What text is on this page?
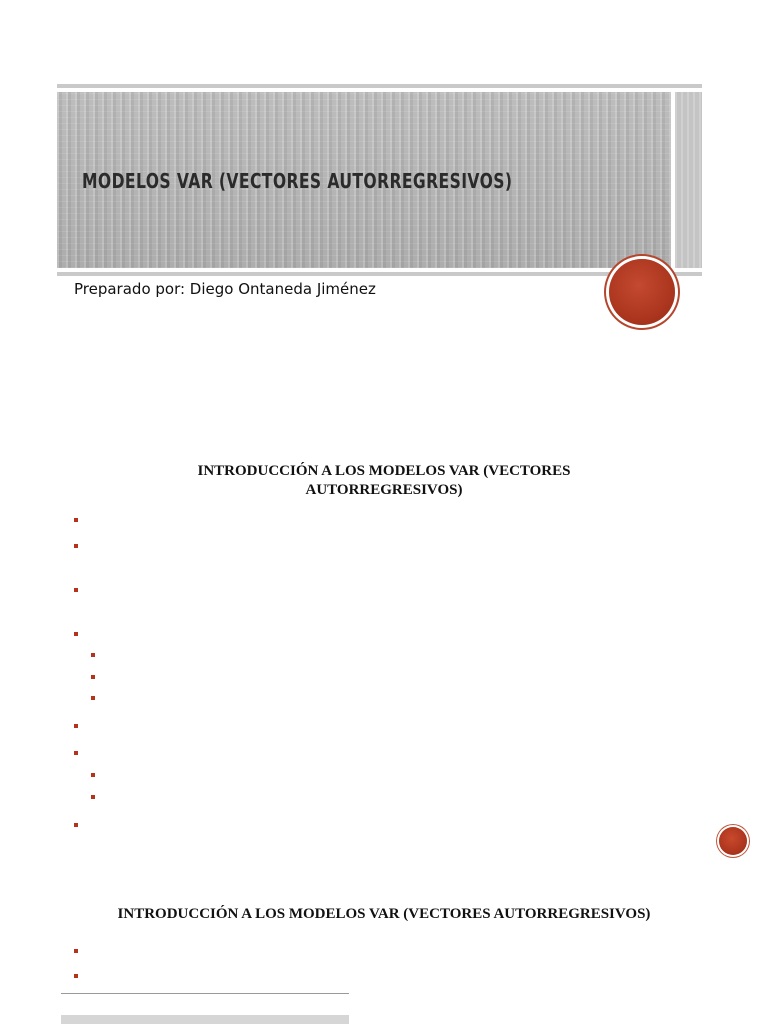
MODELOS VAR (VECTORES AUTORREGRESIVOS)
Preparado por: Diego Ontaneda Jiménez
INTRODUCCIÓN A LOS MODELOS VAR (VECTORES AUTORREGRESIVOS)
INTRODUCCIÓN A LOS MODELOS VAR (VECTORES AUTORREGRESIVOS)
